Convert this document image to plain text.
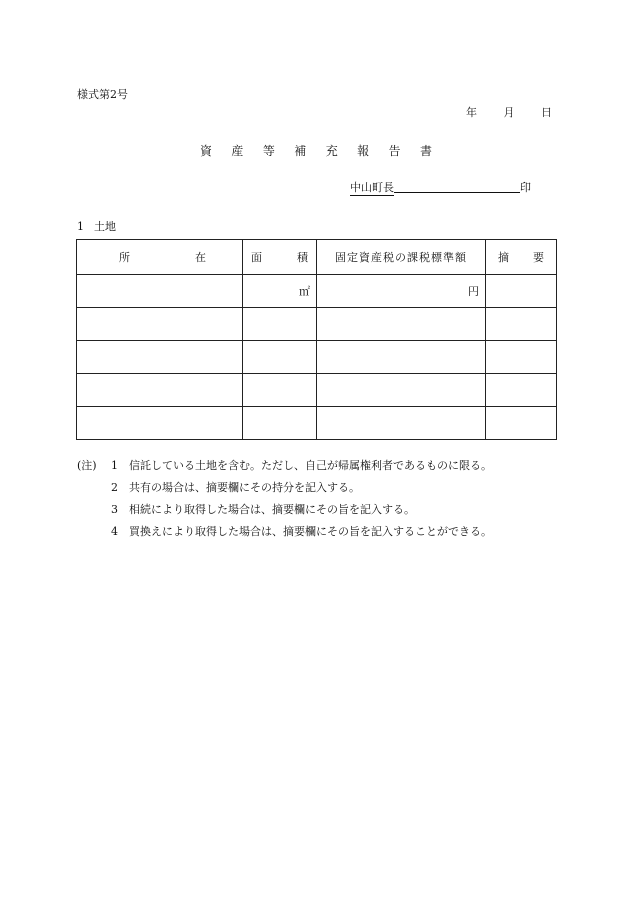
様式第2号
年 月 日
資 産 等 補 充 報 告 書
中山町長	印
1 土地
所 在	面 積	固定資産税の課税標準額	摘 要

	㎡	円	

(注)	1	信託している土地を含む。ただし、自己が帰属権利者であるものに限る。
2	共有の場合は、摘要欄にその持分を記入する。
3	相続により取得した場合は、摘要欄にその旨を記入する。
4	買換えにより取得した場合は、摘要欄にその旨を記入することができる。
